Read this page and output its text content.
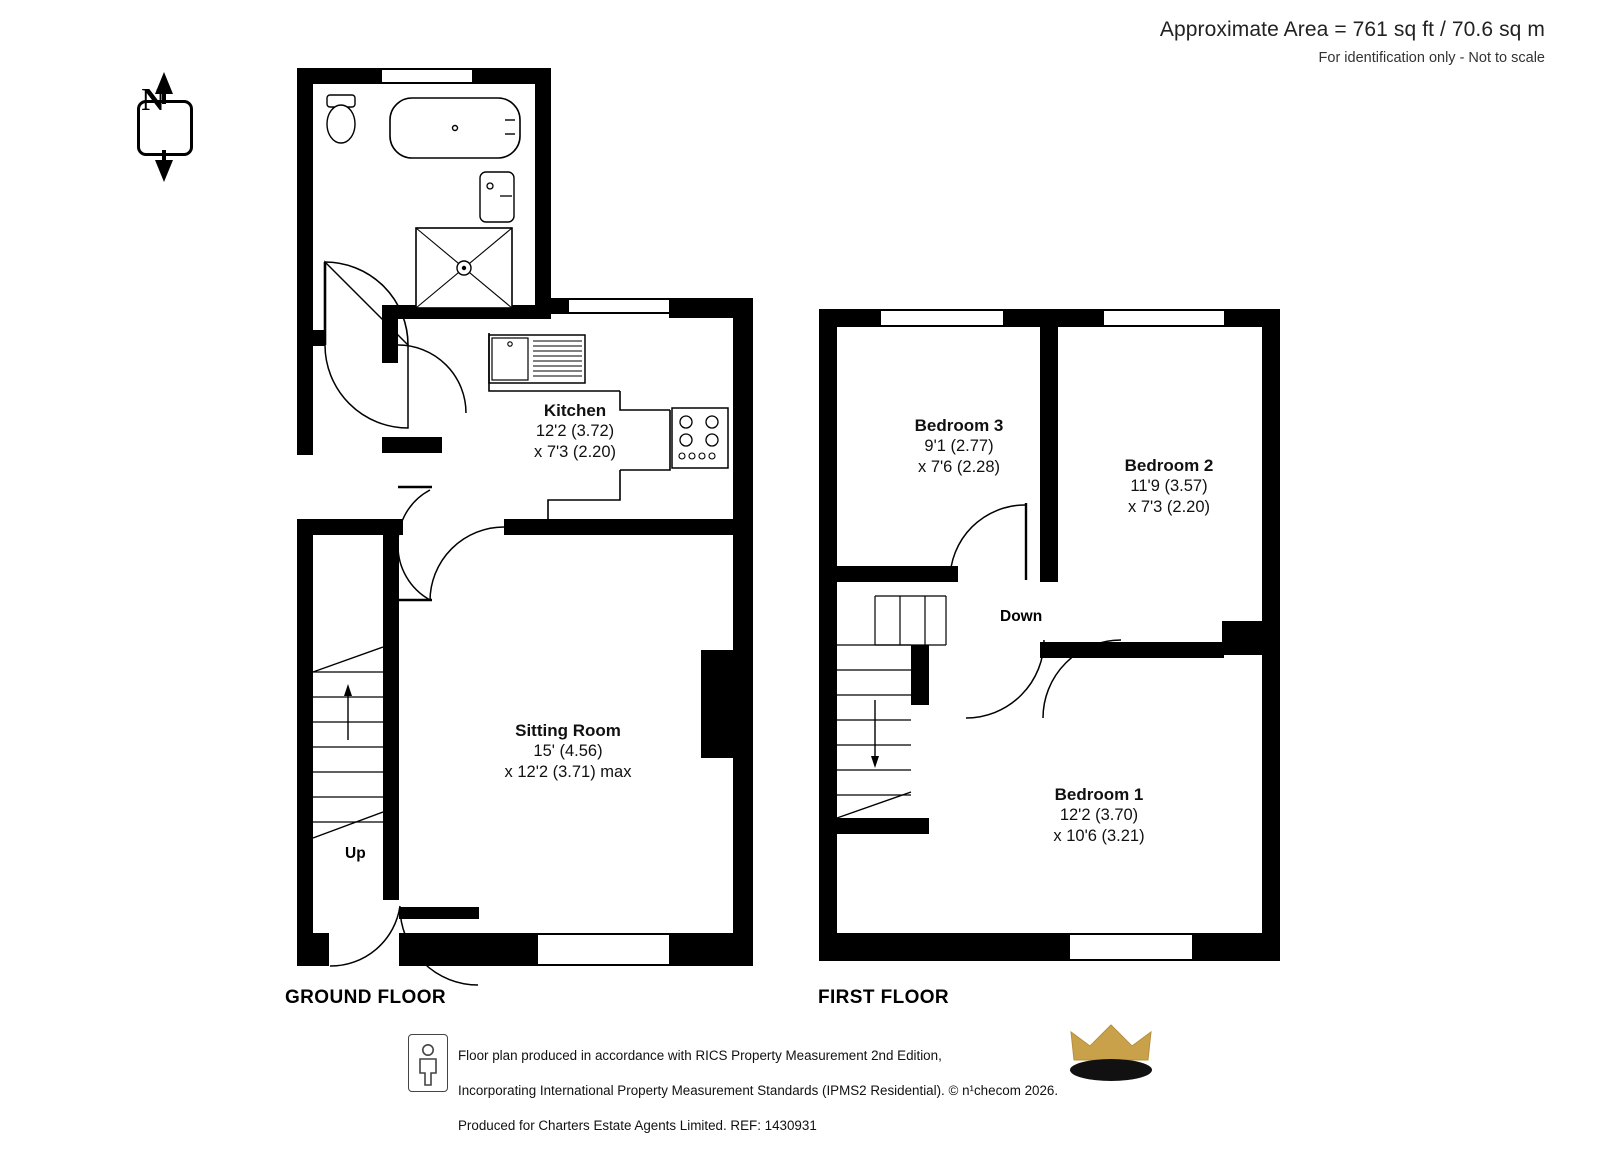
Approximate Area = 761 sq ft / 70.6 sq m
For identification only - Not to scale
N
Kitchen
12'2 (3.72)
x 7'3 (2.20)
Sitting Room
15' (4.56)
x 12'2 (3.71) max
Up
GROUND FLOOR
Bedroom 3
9'1 (2.77)
x 7'6 (2.28)	Bedroom 2
11'9 (3.57)
x 7'3 (2.20)
Bedroom 1
12'2 (3.70)
x 10'6 (3.21)
Down
FIRST FLOOR

Floor plan produced in accordance with RICS Property Measurement 2nd Edition,

Incorporating International Property Measurement Standards (IPMS2 Residential). © n¹checom 2026.

Produced for Charters Estate Agents Limited. REF: 1430931
